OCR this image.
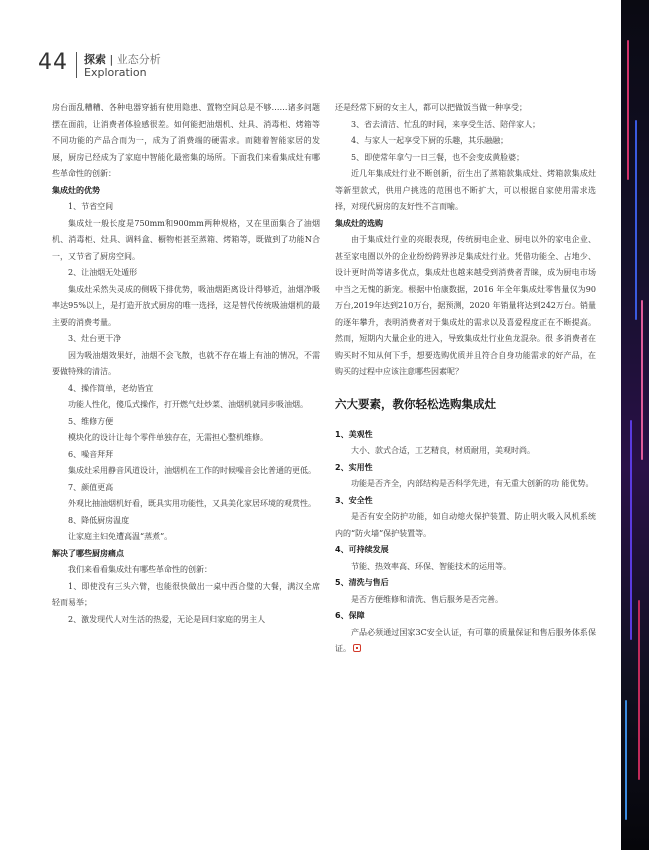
44 探索 | 业态分析
Exploration

房台面乱糟糟、各种电器穿插有使用隐患、置物空间总是不够……诸多问题摆在面前，让消费者体验感很差。如何能把油烟机、灶具、消毒柜、烤箱等不同功能的产品合而为一，成为了消费端的硬需求。而随着智能家居的发展，厨房已经成为了家庭中智能化最密集的场所。下面我们来看集成灶有哪些革命性的创新：

集成灶的优势

1、节省空间

集成灶一般长度是750mm和900mm两种规格，又在里面集合了油烟机、消毒柜、灶具、调料盒、橱物柜甚至蒸箱、烤箱等，既做到了功能N合一，又节省了厨房空间。

2、让油烟无处遁形

集成灶采然失灵成的侧吸下排优势，吸油烟距离设计得够近，油烟净吸率达95%以上，是打造开放式厨房的唯一选择，这是替代传统吸油烟机的最主要的消费考量。

3、灶台更干净

因为吸油烟效果好，油烟不会飞散，也就不存在墙上有油的情况，不需要做特殊的清洁。

4、操作简单，老幼皆宜

功能人性化，傻瓜式操作，打开燃气灶炒菜、油烟机就同步吸油烟。

5、维修方便

模块化的设计让每个零件单独存在，无需担心整机维修。

6、噪音拜拜

集成灶采用静音风道设计，油烟机在工作的时候噪音会比普通的更低。

7、颜值更高

外观比抽油烟机好看，既具实用功能性，又具美化家居环境的观赏性。

8、降低厨房温度

让家庭主妇免遭高温“蒸煮”。

解决了哪些厨房痛点

我们来看看集成灶有哪些革命性的创新：

1、即使没有三头六臂，也能很快做出一桌中西合璧的大餐，满汉全席轻而易举；

2、激发现代人对生活的热爱，无论是回归家庭的男主人

还是经常下厨的女主人，都可以把做饭当做一种享受；

3、省去清洁、忙乱的时间，来享受生活、陪伴家人；

4、与家人一起享受下厨的乐趣，其乐融融；

5、即使常年拿勺一日三餐，也不会变成黄脸婆；

近几年集成灶行业不断创新，衍生出了蒸箱款集成灶、烤箱款集成灶 等新型款式，供用户挑选的范围也不断扩大，可以根据自家使用需求选择，对现代厨房的友好性不言而喻。

集成灶的选购

由于集成灶行业的亮眼表现，传统厨电企业、厨电以外的家电企业、甚至家电圈以外的企业纷纷跨界涉足集成灶行业。凭借功能全、占地少、设计更时尚等诸多优点，集成灶也越来越受到消费者青睐，成为厨电市场中当之无愧的新宠。根据中怡康数据，2016 年全年集成灶零售量仅为90万台,2019年达到210万台，据预测，2020 年销量将达到242万台。销量的逐年攀升，表明消费者对于集成灶的需求以及喜爱程度正在不断提高。然而，短期内大量企业的进入，导致集成灶行业鱼龙混杂。很 多消费者在购买时不知从何下手，想要选购优质并且符合自身功能需求的好产品，在购买的过程中应该注意哪些因素呢？

六大要素，教你轻松选购集成灶

1、美观性

大小、款式合适，工艺精良，材质耐用，美观时尚。

2、实用性

功能是否齐全，内部结构是否科学先进，有无重大创新的功 能优势。

3、安全性

是否有安全防护功能，如自动熄火保护装置、防止明火吸入风机系统内的“防火墙”保护装置等。

4、可持续发展

节能、热效率高、环保、智能技术的运用等。

5、清洗与售后

是否方便维修和清洗、售后服务是否完善。

6、保障

产品必须通过国家3C安全认证，有可靠的质量保证和售后服务体系保证。
